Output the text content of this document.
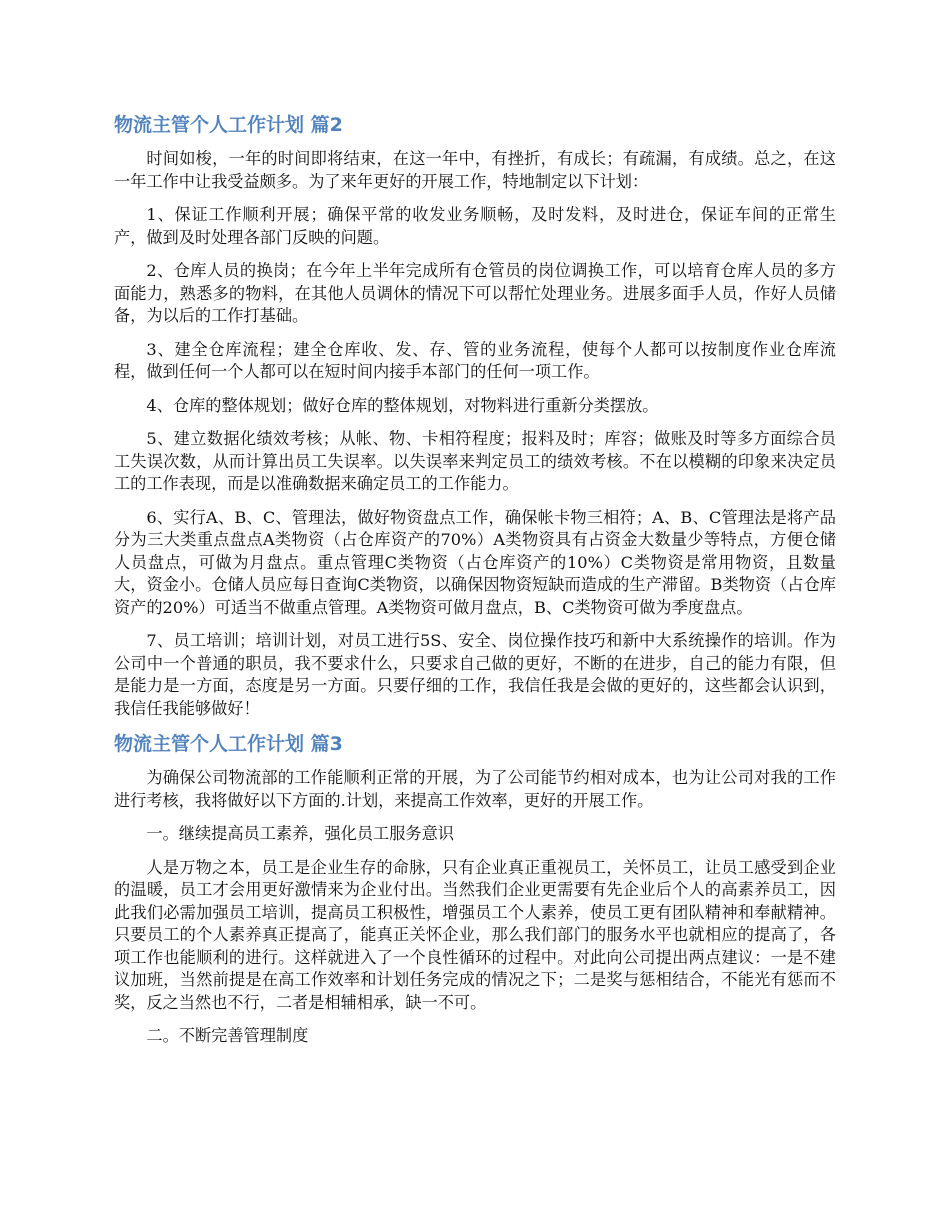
物流主管个人工作计划 篇2

时间如梭，一年的时间即将结束，在这一年中，有挫折，有成长；有疏漏，有成绩。总之，在这一年工作中让我受益颇多。为了来年更好的开展工作，特地制定以下计划：

1、保证工作顺利开展；确保平常的收发业务顺畅，及时发料，及时进仓，保证车间的正常生产，做到及时处理各部门反映的问题。

2、仓库人员的换岗；在今年上半年完成所有仓管员的岗位调换工作，可以培育仓库人员的多方面能力，熟悉多的物料，在其他人员调休的情况下可以帮忙处理业务。进展多面手人员，作好人员储备，为以后的工作打基础。

3、建全仓库流程；建全仓库收、发、存、管的业务流程，使每个人都可以按制度作业仓库流程，做到任何一个人都可以在短时间内接手本部门的任何一项工作。

4、仓库的整体规划；做好仓库的整体规划，对物料进行重新分类摆放。

5、建立数据化绩效考核；从帐、物、卡相符程度；报料及时；库容；做账及时等多方面综合员工失误次数，从而计算出员工失误率。以失误率来判定员工的绩效考核。不在以模糊的印象来决定员工的工作表现，而是以准确数据来确定员工的工作能力。

6、实行A、B、C、管理法，做好物资盘点工作，确保帐卡物三相符；A、B、C管理法是将产品分为三大类重点盘点A类物资（占仓库资产的70%）A类物资具有占资金大数量少等特点，方便仓储人员盘点，可做为月盘点。重点管理C类物资（占仓库资产的10%）C类物资是常用物资，且数量大，资金小。仓储人员应每日查询C类物资，以确保因物资短缺而造成的生产滞留。B类物资（占仓库资产的20%）可适当不做重点管理。A类物资可做月盘点，B、C类物资可做为季度盘点。

7、员工培训；培训计划，对员工进行5S、安全、岗位操作技巧和新中大系统操作的培训。作为公司中一个普通的职员，我不要求什么，只要求自己做的更好，不断的在进步，自己的能力有限，但是能力是一方面，态度是另一方面。只要仔细的工作，我信任我是会做的更好的，这些都会认识到，我信任我能够做好！

物流主管个人工作计划 篇3

为确保公司物流部的工作能顺利正常的开展，为了公司能节约相对成本，也为让公司对我的工作进行考核，我将做好以下方面的.计划，来提高工作效率，更好的开展工作。

一。继续提高员工素养，强化员工服务意识

人是万物之本，员工是企业生存的命脉，只有企业真正重视员工，关怀员工，让员工感受到企业的温暖，员工才会用更好激情来为企业付出。当然我们企业更需要有先企业后个人的高素养员工，因此我们必需加强员工培训，提高员工积极性，增强员工个人素养，使员工更有团队精神和奉献精神。只要员工的个人素养真正提高了，能真正关怀企业，那么我们部门的服务水平也就相应的提高了，各项工作也能顺利的进行。这样就进入了一个良性循环的过程中。对此向公司提出两点建议：一是不建议加班，当然前提是在高工作效率和计划任务完成的情况之下；二是奖与惩相结合，不能光有惩而不奖，反之当然也不行，二者是相辅相承，缺一不可。

二。不断完善管理制度
